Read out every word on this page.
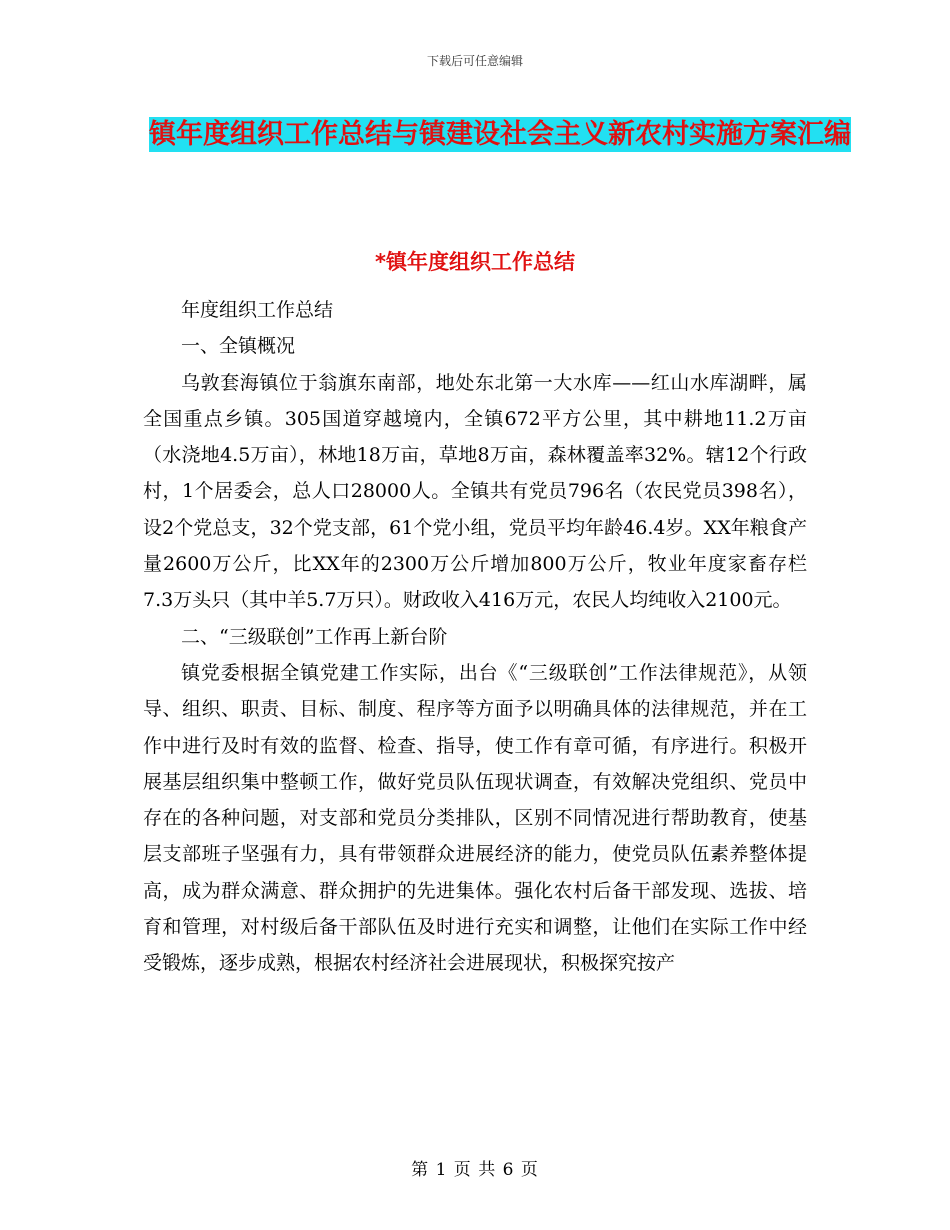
下载后可任意编辑
镇年度组织工作总结与镇建设社会主义新农村实施方案汇编
*镇年度组织工作总结

年度组织工作总结

一、全镇概况

乌敦套海镇位于翁旗东南部，地处东北第一大水库——红山水库湖畔，属全国重点乡镇。305国道穿越境内，全镇672平方公里，其中耕地11.2万亩（水浇地4.5万亩），林地18万亩，草地8万亩，森林覆盖率32%。辖12个行政村，1个居委会，总人口28000人。全镇共有党员796名（农民党员398名），设2个党总支，32个党支部，61个党小组，党员平均年龄46.4岁。XX年粮食产量2600万公斤，比XX年的2300万公斤增加800万公斤，牧业年度家畜存栏7.3万头只（其中羊5.7万只）。财政收入416万元，农民人均纯收入2100元。

二、“三级联创”工作再上新台阶

镇党委根据全镇党建工作实际，出台《“三级联创”工作法律规范》，从领导、组织、职责、目标、制度、程序等方面予以明确具体的法律规范，并在工作中进行及时有效的监督、检查、指导，使工作有章可循，有序进行。积极开展基层组织集中整顿工作，做好党员队伍现状调查，有效解决党组织、党员中存在的各种问题，对支部和党员分类排队，区别不同情况进行帮助教育，使基层支部班子坚强有力，具有带领群众进展经济的能力，使党员队伍素养整体提高，成为群众满意、群众拥护的先进集体。强化农村后备干部发现、选拔、培育和管理，对村级后备干部队伍及时进行充实和调整，让他们在实际工作中经受锻炼，逐步成熟，根据农村经济社会进展现状，积极探究按产

第 1 页 共 6 页
